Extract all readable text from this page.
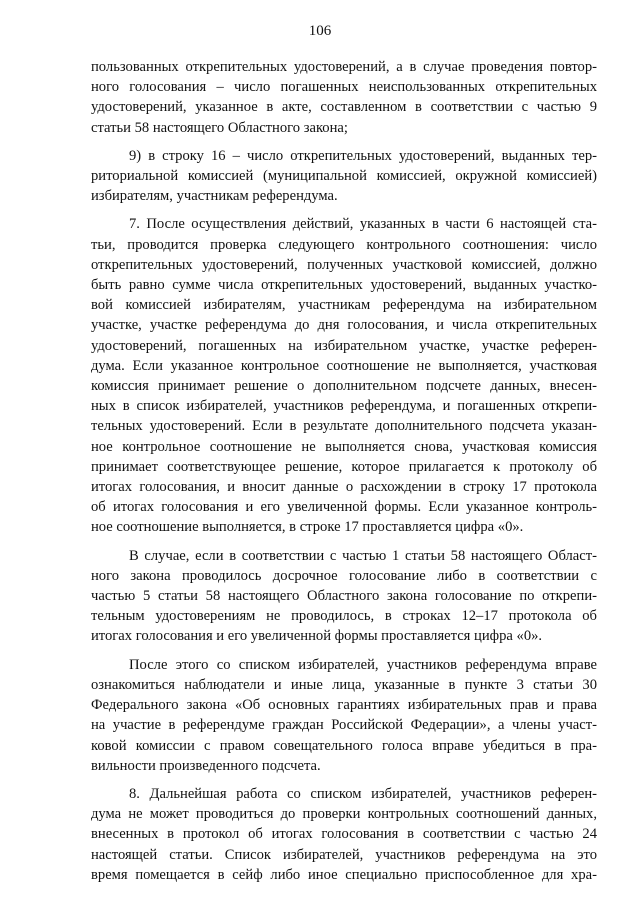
106
пользованных открепительных удостоверений, а в случае проведения повтор-
ного голосования – число погашенных неиспользованных открепительных
удостоверений, указанное в акте, составленном в соответствии с частью 9
статьи 58 настоящего Областного закона;
9) в строку 16 – число открепительных удостоверений, выданных тер-
риториальной комиссией (муниципальной комиссией, окружной комиссией)
избирателям, участникам референдума.
7. После осуществления действий, указанных в части 6 настоящей ста-
тьи, проводится проверка следующего контрольного соотношения: число
открепительных удостоверений, полученных участковой комиссией, должно
быть равно сумме числа открепительных удостоверений, выданных участко-
вой комиссией избирателям, участникам референдума на избирательном
участке, участке референдума до дня голосования, и числа открепительных
удостоверений, погашенных на избирательном участке, участке референ-
дума. Если указанное контрольное соотношение не выполняется, участковая
комиссия принимает решение о дополнительном подсчете данных, внесен-
ных в список избирателей, участников референдума, и погашенных открепи-
тельных удостоверений. Если в результате дополнительного подсчета указан-
ное контрольное соотношение не выполняется снова, участковая комиссия
принимает соответствующее решение, которое прилагается к протоколу об
итогах голосования, и вносит данные о расхождении в строку 17 протокола
об итогах голосования и его увеличенной формы. Если указанное контроль-
ное соотношение выполняется, в строке 17 проставляется цифра «0».
В случае, если в соответствии с частью 1 статьи 58 настоящего Област-
ного закона проводилось досрочное голосование либо в соответствии с
частью 5 статьи 58 настоящего Областного закона голосование по открепи-
тельным удостоверениям не проводилось, в строках 12–17 протокола об
итогах голосования и его увеличенной формы проставляется цифра «0».
После этого со списком избирателей, участников референдума вправе
ознакомиться наблюдатели и иные лица, указанные в пункте 3 статьи 30
Федерального закона «Об основных гарантиях избирательных прав и права
на участие в референдуме граждан Российской Федерации», а члены участ-
ковой комиссии с правом совещательного голоса вправе убедиться в пра-
вильности произведенного подсчета.
8. Дальнейшая работа со списком избирателей, участников референ-
дума не может проводиться до проверки контрольных соотношений данных,
внесенных в протокол об итогах голосования в соответствии с частью 24
настоящей статьи. Список избирателей, участников референдума на это
время помещается в сейф либо иное специально приспособленное для хра-
